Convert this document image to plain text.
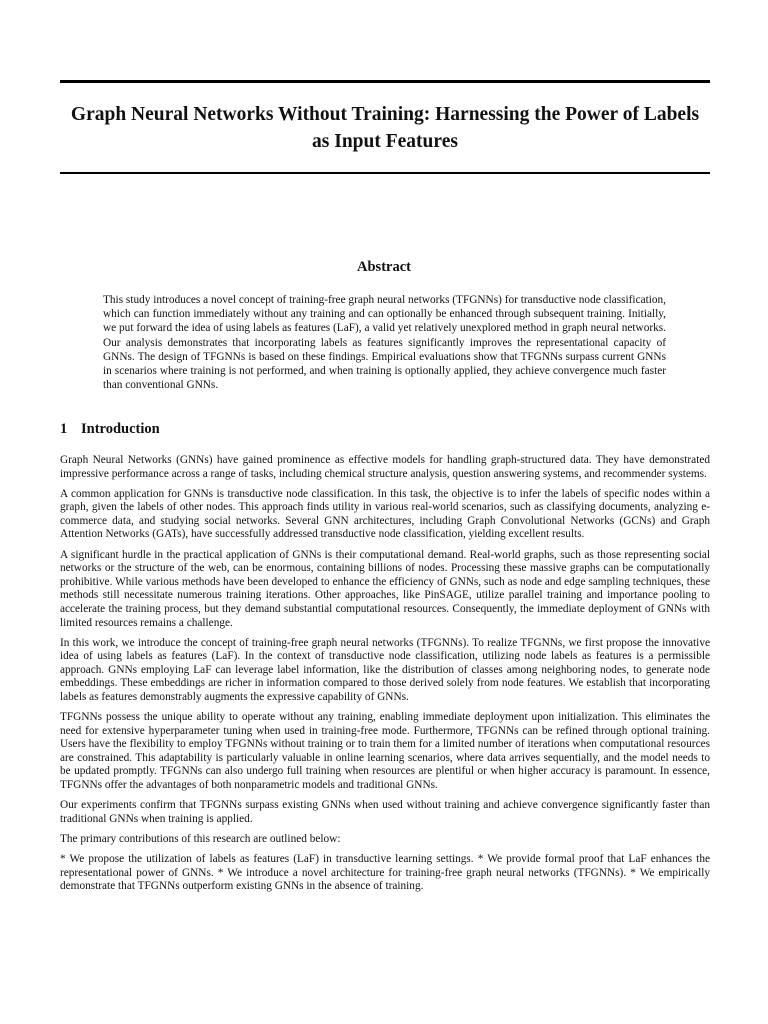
Graph Neural Networks Without Training: Harnessing the Power of Labels as Input Features
Abstract
This study introduces a novel concept of training-free graph neural networks (TFGNNs) for transductive node classification, which can function immediately without any training and can optionally be enhanced through subsequent training. Initially, we put forward the idea of using labels as features (LaF), a valid yet relatively unexplored method in graph neural networks. Our analysis demonstrates that incorporating labels as features significantly improves the representational capacity of GNNs. The design of TFGNNs is based on these findings. Empirical evaluations show that TFGNNs surpass current GNNs in scenarios where training is not performed, and when training is optionally applied, they achieve convergence much faster than conventional GNNs.
1 Introduction

Graph Neural Networks (GNNs) have gained prominence as effective models for handling graph-structured data. They have demonstrated impressive performance across a range of tasks, including chemical structure analysis, question answering systems, and recommender systems.

A common application for GNNs is transductive node classification. In this task, the objective is to infer the labels of specific nodes within a graph, given the labels of other nodes. This approach finds utility in various real-world scenarios, such as classifying documents, analyzing e-commerce data, and studying social networks. Several GNN architectures, including Graph Convolutional Networks (GCNs) and Graph Attention Networks (GATs), have successfully addressed transductive node classification, yielding excellent results.

A significant hurdle in the practical application of GNNs is their computational demand. Real-world graphs, such as those representing social networks or the structure of the web, can be enormous, containing billions of nodes. Processing these massive graphs can be computationally prohibitive. While various methods have been developed to enhance the efficiency of GNNs, such as node and edge sampling techniques, these methods still necessitate numerous training iterations. Other approaches, like PinSAGE, utilize parallel training and importance pooling to accelerate the training process, but they demand substantial computational resources. Consequently, the immediate deployment of GNNs with limited resources remains a challenge.

In this work, we introduce the concept of training-free graph neural networks (TFGNNs). To realize TFGNNs, we first propose the innovative idea of using labels as features (LaF). In the context of transductive node classification, utilizing node labels as features is a permissible approach. GNNs employing LaF can leverage label information, like the distribution of classes among neighboring nodes, to generate node embeddings. These embeddings are richer in information compared to those derived solely from node features. We establish that incorporating labels as features demonstrably augments the expressive capability of GNNs.

TFGNNs possess the unique ability to operate without any training, enabling immediate deployment upon initialization. This eliminates the need for extensive hyperparameter tuning when used in training-free mode. Furthermore, TFGNNs can be refined through optional training. Users have the flexibility to employ TFGNNs without training or to train them for a limited number of iterations when computational resources are constrained. This adaptability is particularly valuable in online learning scenarios, where data arrives sequentially, and the model needs to be updated promptly. TFGNNs can also undergo full training when resources are plentiful or when higher accuracy is paramount. In essence, TFGNNs offer the advantages of both nonparametric models and traditional GNNs.

Our experiments confirm that TFGNNs surpass existing GNNs when used without training and achieve convergence significantly faster than traditional GNNs when training is applied.

The primary contributions of this research are outlined below:

* We propose the utilization of labels as features (LaF) in transductive learning settings. * We provide formal proof that LaF enhances the representational power of GNNs. * We introduce a novel architecture for training-free graph neural networks (TFGNNs). * We empirically demonstrate that TFGNNs outperform existing GNNs in the absence of training.
